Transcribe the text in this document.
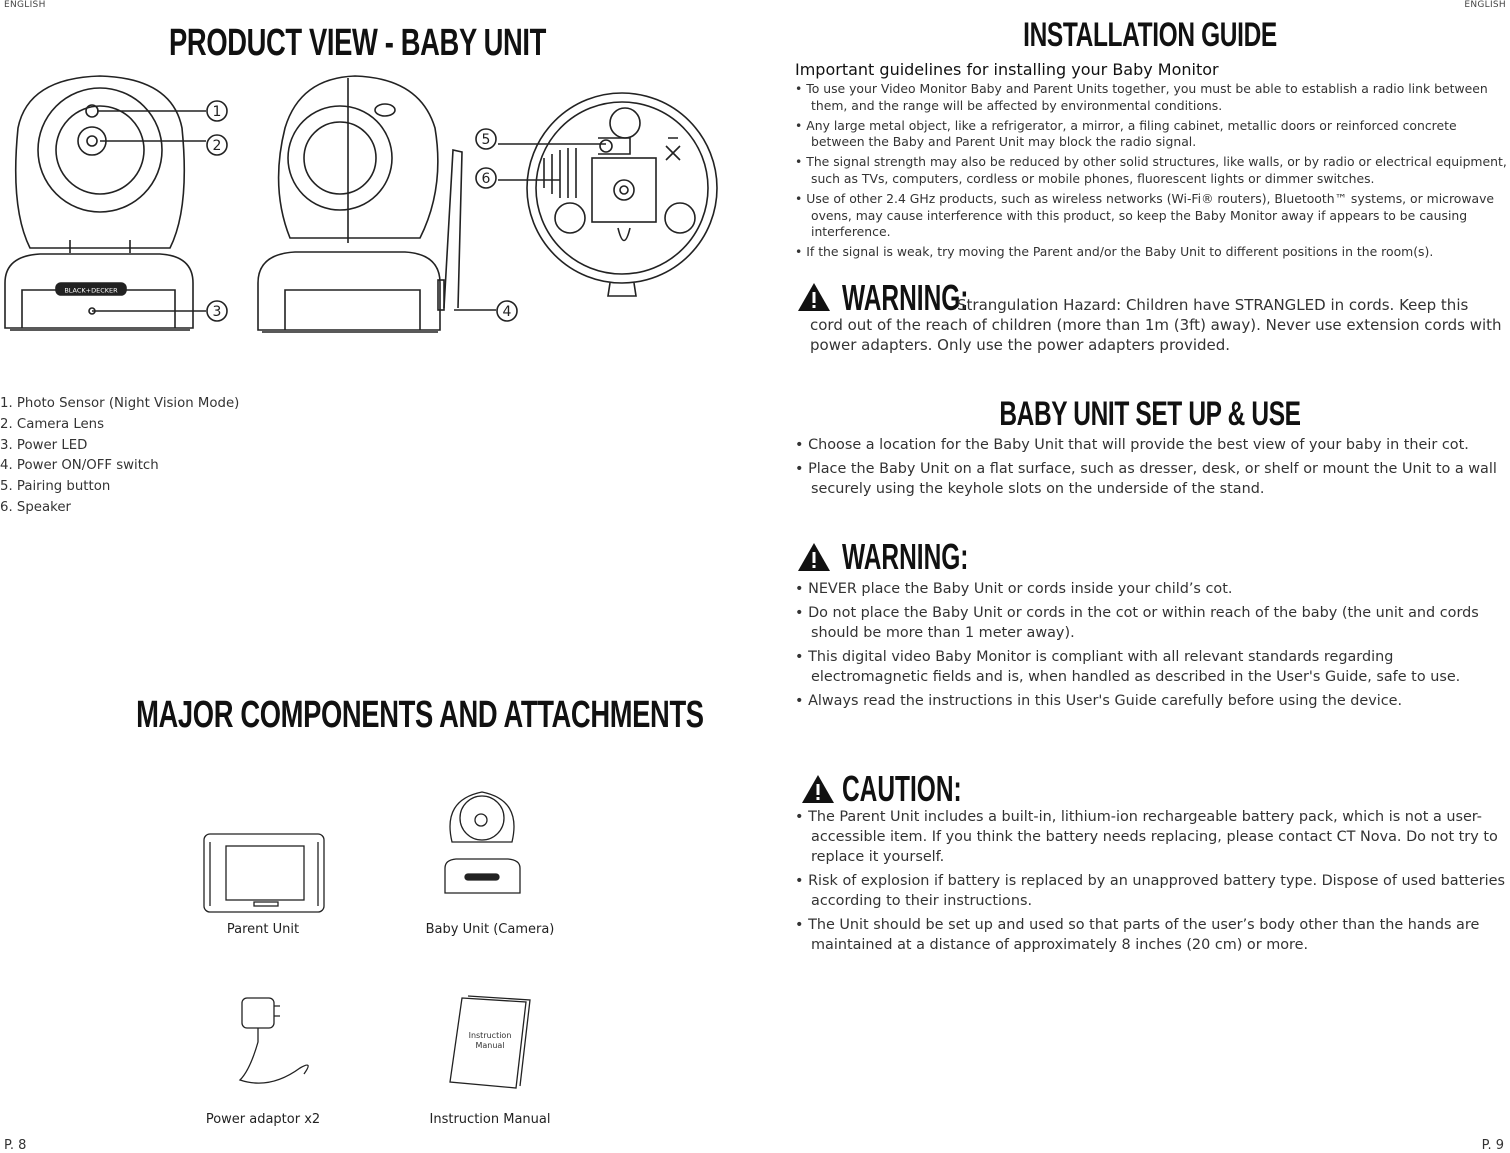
ENGLISH
PRODUCT VIEW - BABY UNIT
1
2
3	4
5
6
BLACK+DECKER
1. Photo Sensor (Night Vision Mode)
2. Camera Lens
3. Power LED
4. Power ON/OFF switch
5. Pairing button
6. Speaker
MAJOR COMPONENTS AND ATTACHMENTS
Instruction
Manual
Parent Unit	Baby Unit (Camera)
Power adaptor x2	Instruction Manual
P. 8
ENGLISH
INSTALLATION GUIDE
Important guidelines for installing your Baby Monitor
• To use your Video Monitor Baby and Parent Units together, you must be able to establish a radio link between them, and the range will be affected by environmental conditions.
• Any large metal object, like a refrigerator, a mirror, a filing cabinet, metallic doors or reinforced concrete between the Baby and Parent Unit may block the radio signal.
• The signal strength may also be reduced by other solid structures, like walls, or by radio or electrical equipment, such as TVs, computers, cordless or mobile phones, fluorescent lights or dimmer switches.
• Use of other 2.4 GHz products, such as wireless networks (Wi-Fi® routers), Bluetooth™ systems, or microwave ovens, may cause interference with this product, so keep the Baby Monitor away if appears to be causing interference.
• If the signal is weak, try moving the Parent and/or the Baby Unit to different positions in the room(s).
WARNING:
Strangulation Hazard: Children have STRANGLED in cords. Keep this
cord out of the reach of children (more than 1m (3ft) away). Never use extension cords with power adapters. Only use the power adapters provided.
BABY UNIT SET UP & USE
• Choose a location for the Baby Unit that will provide the best view of your baby in their cot.
• Place the Baby Unit on a flat surface, such as dresser, desk, or shelf or mount the Unit to a wall securely using the keyhole slots on the underside of the stand.
WARNING:
• NEVER place the Baby Unit or cords inside your child’s cot.
• Do not place the Baby Unit or cords in the cot or within reach of the baby (the unit and cords should be more than 1 meter away).
• This digital video Baby Monitor is compliant with all relevant standards regarding electromagnetic fields and is, when handled as described in the User's Guide, safe to use.
• Always read the instructions in this User's Guide carefully before using the device.
CAUTION:
• The Parent Unit includes a built-in, lithium-ion rechargeable battery pack, which is not a user-accessible item. If you think the battery needs replacing, please contact CT Nova. Do not try to replace it yourself.
• Risk of explosion if battery is replaced by an unapproved battery type. Dispose of used batteries according to their instructions.
• The Unit should be set up and used so that parts of the user’s body other than the hands are maintained at a distance of approximately 8 inches (20 cm) or more.
P. 9
